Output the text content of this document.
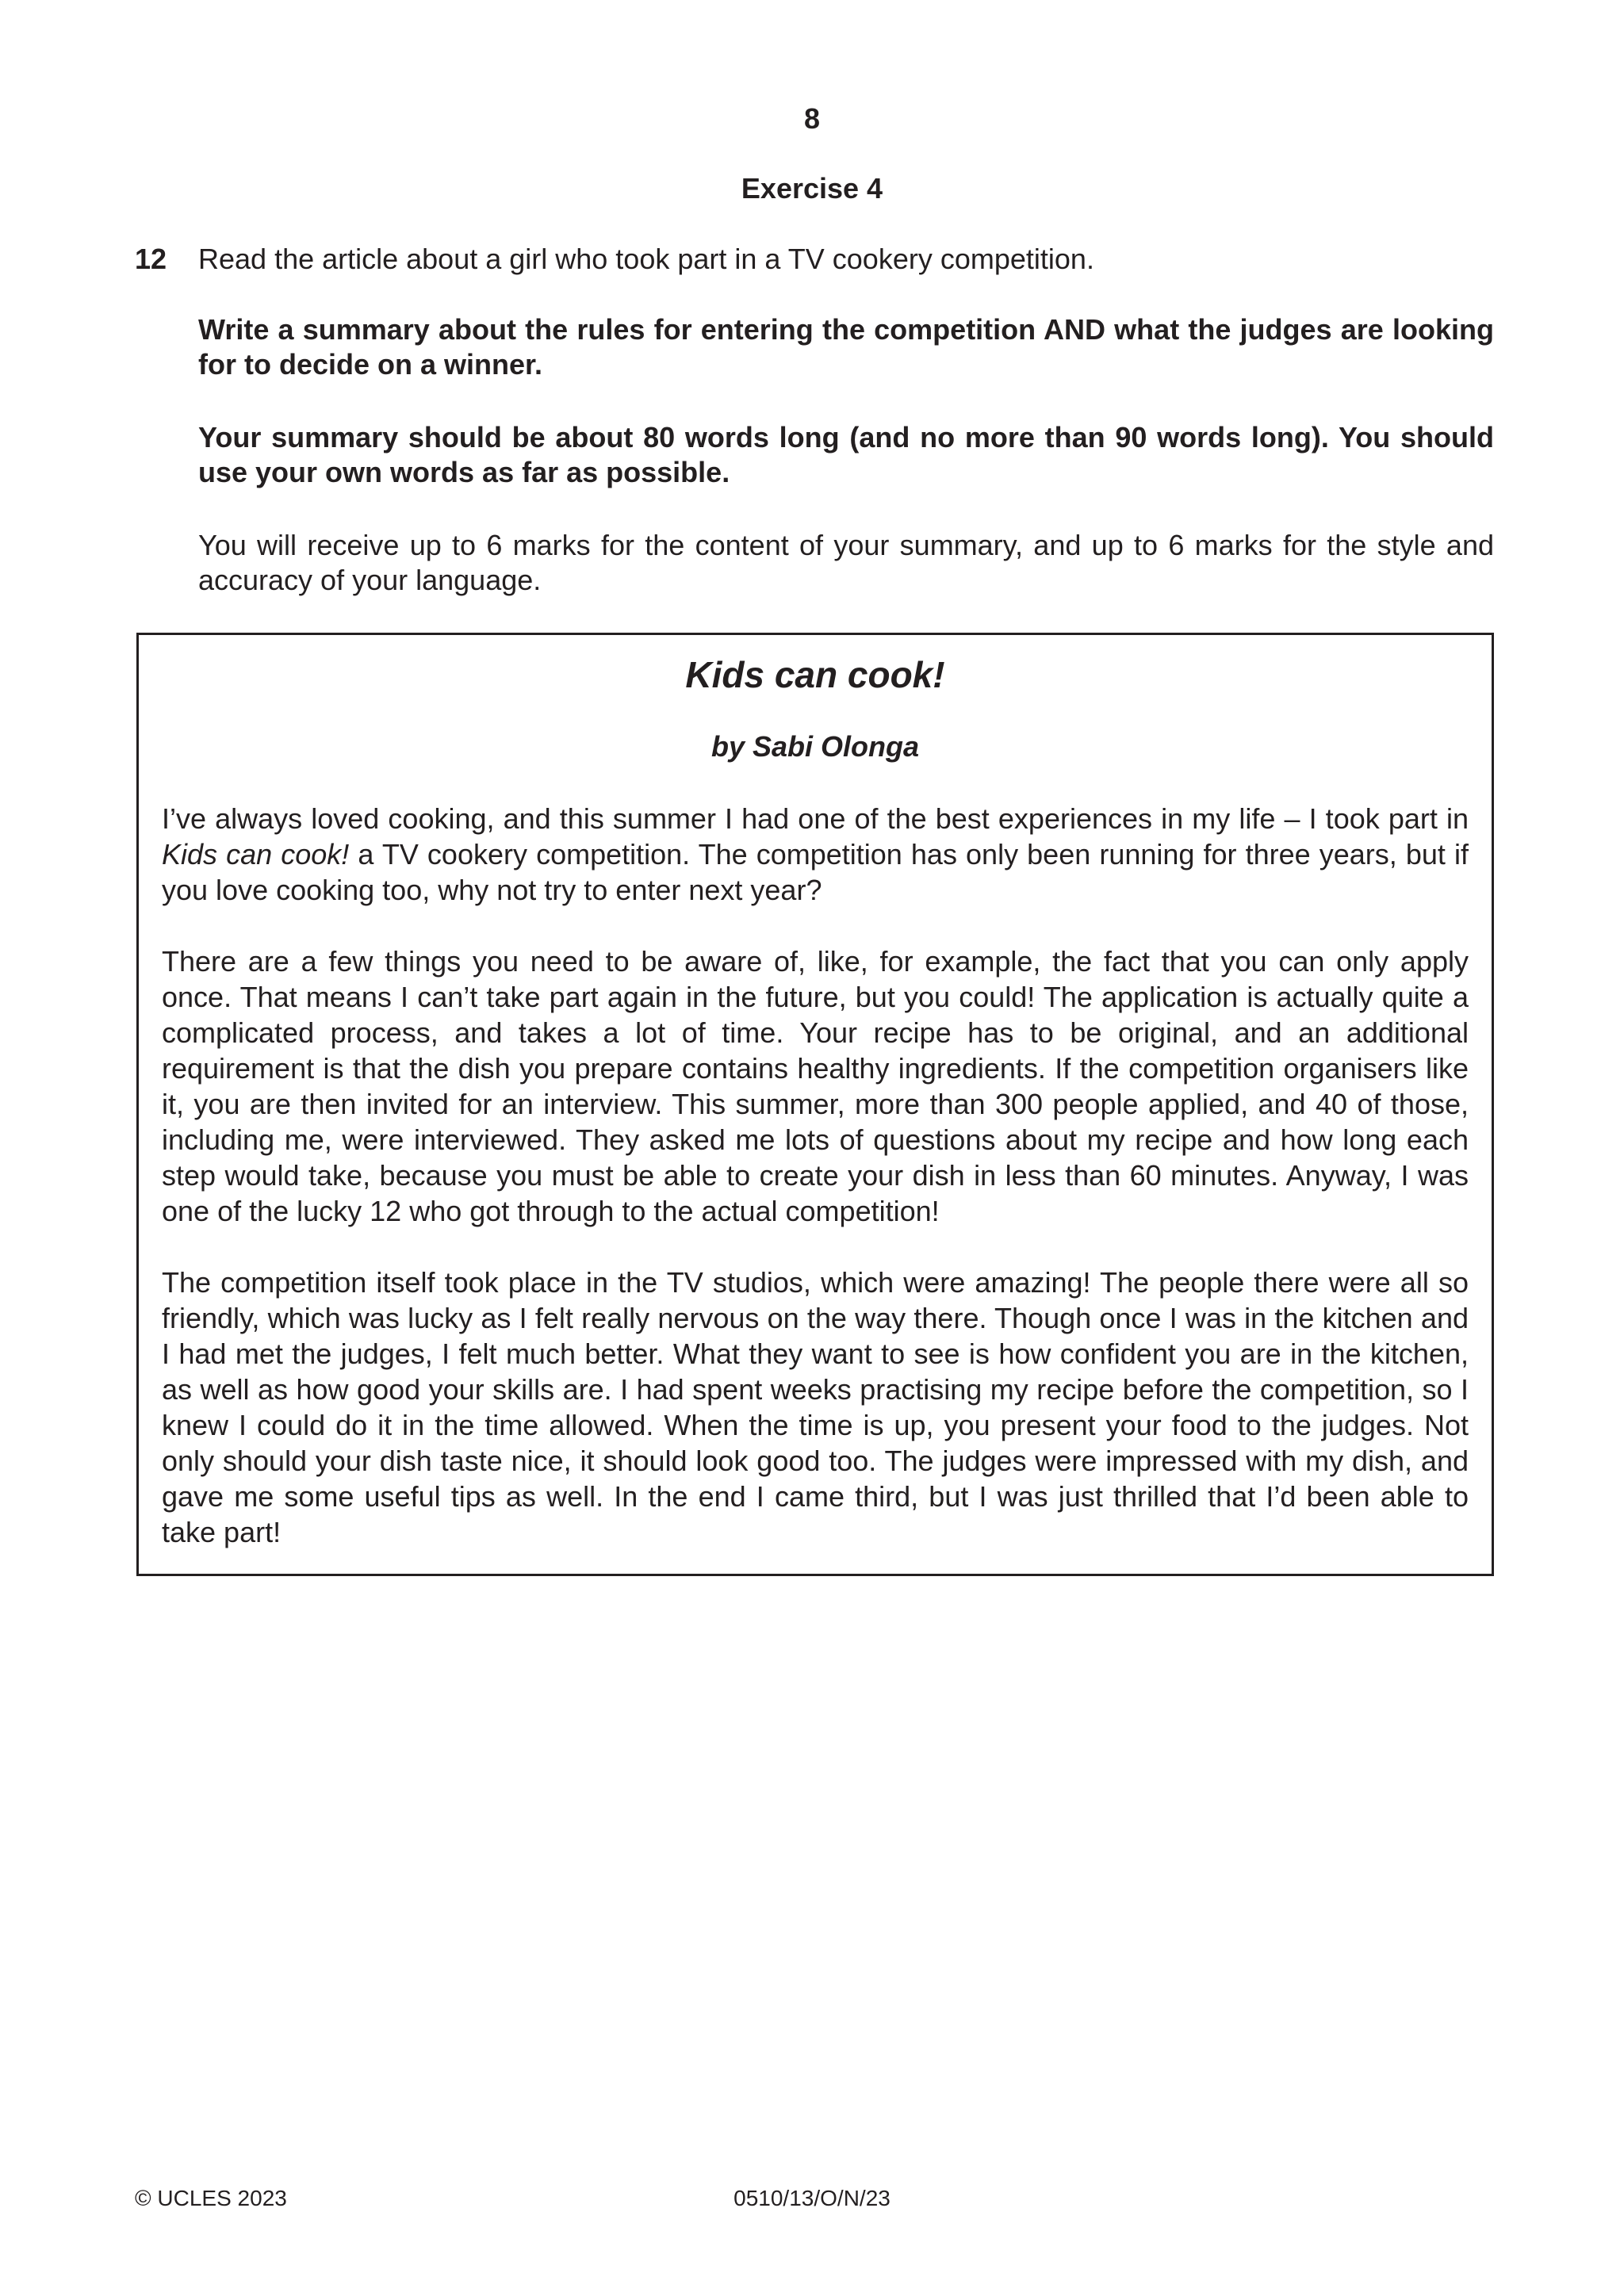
8
Exercise 4
12 Read the article about a girl who took part in a TV cookery competition.

Write a summary about the rules for entering the competition AND what the judges are looking for to decide on a winner.

Your summary should be about 80 words long (and no more than 90 words long). You should use your own words as far as possible.

You will receive up to 6 marks for the content of your summary, and up to 6 marks for the style and accuracy of your language.

Kids can cook!
by Sabi Olonga

I’ve always loved cooking, and this summer I had one of the best experiences in my life – I took part in Kids can cook! a TV cookery competition. The competition has only been running for three years, but if you love cooking too, why not try to enter next year?

There are a few things you need to be aware of, like, for example, the fact that you can only apply once. That means I can’t take part again in the future, but you could! The application is actually quite a complicated process, and takes a lot of time. Your recipe has to be original, and an additional requirement is that the dish you prepare contains healthy ingredients. If the competition organisers like it, you are then invited for an interview. This summer, more than 300 people applied, and 40 of those, including me, were interviewed. They asked me lots of questions about my recipe and how long each step would take, because you must be able to create your dish in less than 60 minutes. Anyway, I was one of the lucky 12 who got through to the actual competition!

The competition itself took place in the TV studios, which were amazing! The people there were all so friendly, which was lucky as I felt really nervous on the way there. Though once I was in the kitchen and I had met the judges, I felt much better. What they want to see is how confident you are in the kitchen, as well as how good your skills are. I had spent weeks practising my recipe before the competition, so I knew I could do it in the time allowed. When the time is up, you present your food to the judges. Not only should your dish taste nice, it should look good too. The judges were impressed with my dish, and gave me some useful tips as well. In the end I came third, but I was just thrilled that I’d been able to take part!

© UCLES 2023	0510/13/O/N/23
